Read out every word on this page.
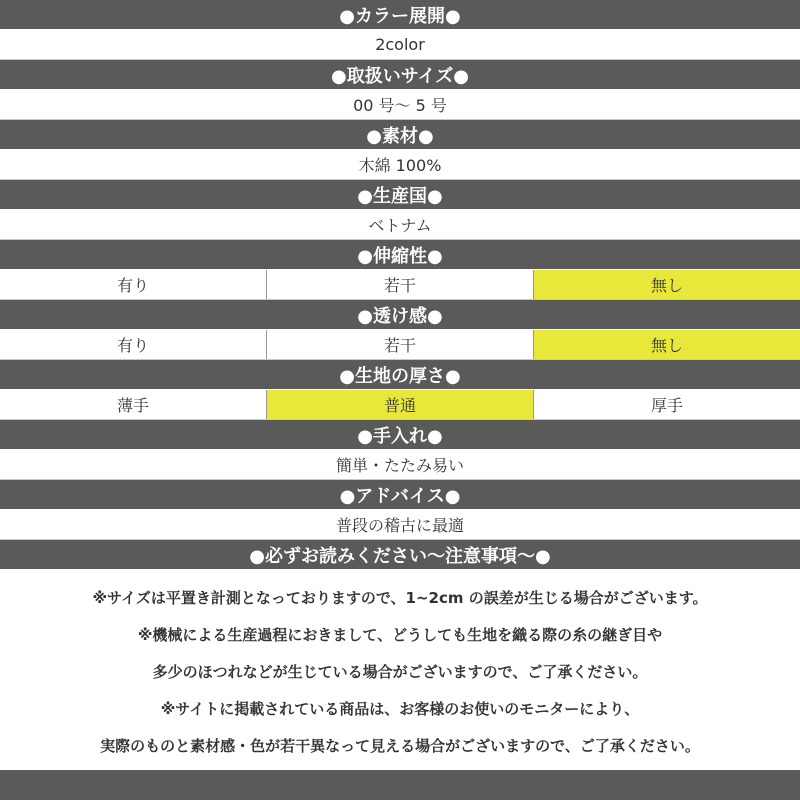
●カラー展開●
2color
●取扱いサイズ●
00 号〜 5 号
●素材●
木綿 100%
●生産国●
ベトナム
●伸縮性●
有り	若干	無し
●透け感●
有り	若干	無し
●生地の厚さ●
薄手	普通	厚手
●手入れ●
簡単・たたみ易い
●アドバイス●
普段の稽古に最適
●必ずお読みください〜注意事項〜●
※サイズは平置き計測となっておりますので、1~2cm の誤差が生じる場合がございます。
※機械による生産過程におきまして、どうしても生地を織る際の糸の継ぎ目や
多少のほつれなどが生じている場合がございますので、ご了承ください。
※サイトに掲載されている商品は、お客様のお使いのモニターにより、
実際のものと素材感・色が若干異なって見える場合がございますので、ご了承ください。
